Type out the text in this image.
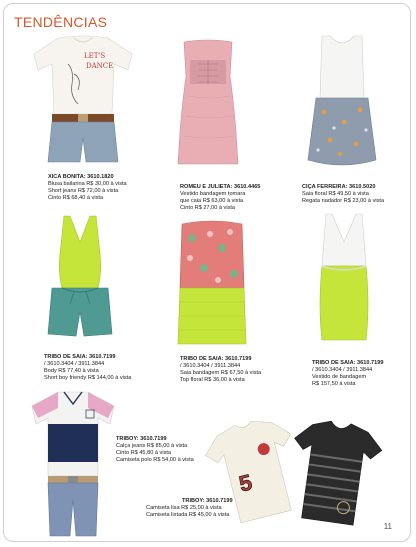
TENDÊNCIAS
LET'S
DANCE
XICA BONITA: 3610.1820
Blusa bailarina R$ 30,00 à vista
Short jeans R$ 72,00 à vista
Cinto R$ 68,40 à vista
ROMEU E JULIETA: 3610.4465
Vestido bandagem tomara
que caia R$ 63,00 à vista
Cinto R$ 27,00 à vista
CIÇA FERREIRA: 3610.5020
Saia floral R$ 49,50 à vista
Regata nadador R$ 23,00 à vista
TRIBO DE SAIA: 3610.7199
/ 3610.3404 / 3911.3844
Body R$ 77,40 à vista
Short boy friendy R$ 144,00 à vista
TRIBO DE SAIA: 3610.7199
/ 3610.3404 / 3911.3844
Saia bandagem R$ 67,50 à vista
Top floral R$ 36,00 à vista
TRIBO DE SAIA: 3610.7199
/ 3610.3404 / 3911.3844
Vestido de bandagem
R$ 157,50 à vista
5
TRIBOY: 3610.7199
Calça jeans R$ 85,00 à vista
Cinto R$ 45,80 à vista
Camiseta polo R$ 54,00 à vista
TRIBOY: 3610.7199
Camiseta lisa R$ 25,00 à vista
Camiseta listada R$ 45,00 à vista
11
